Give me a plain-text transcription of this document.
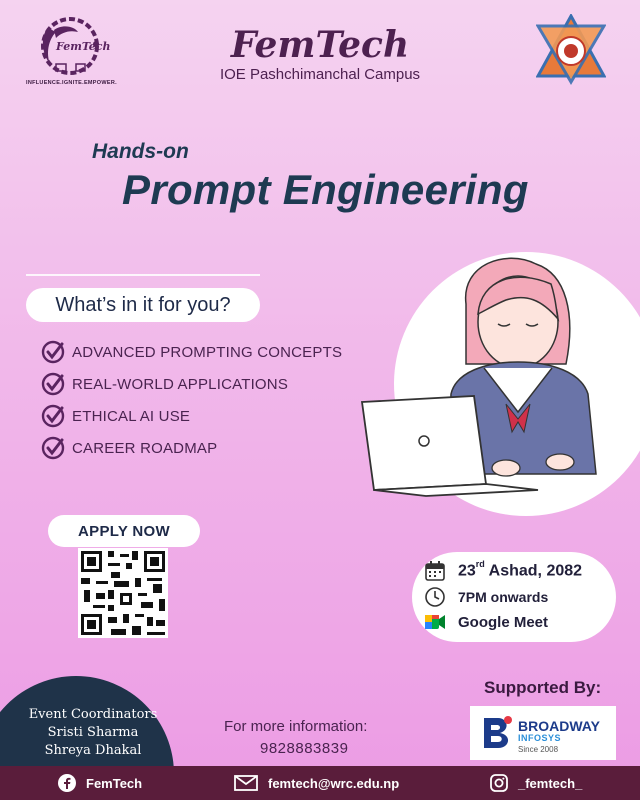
FemTech
INFLUENCE.IGNITE.EMPOWER.
FemTech
IOE Pashchimanchal Campus
Hands-on
Prompt Engineering
What’s in it for you?
ADVANCED PROMPTING CONCEPTS
REAL-WORLD APPLICATIONS
ETHICAL AI USE
CAREER ROADMAP
APPLY NOW
23rd Ashad, 2082
7PM onwards
Google Meet
Supported By:
BROADWAY
INFOSYS
Since 2008
Event Coordinators
Sristi Sharma
Shreya Dhakal
For more information:
9828883839
FemTech	femtech@wrc.edu.np	_femtech_
